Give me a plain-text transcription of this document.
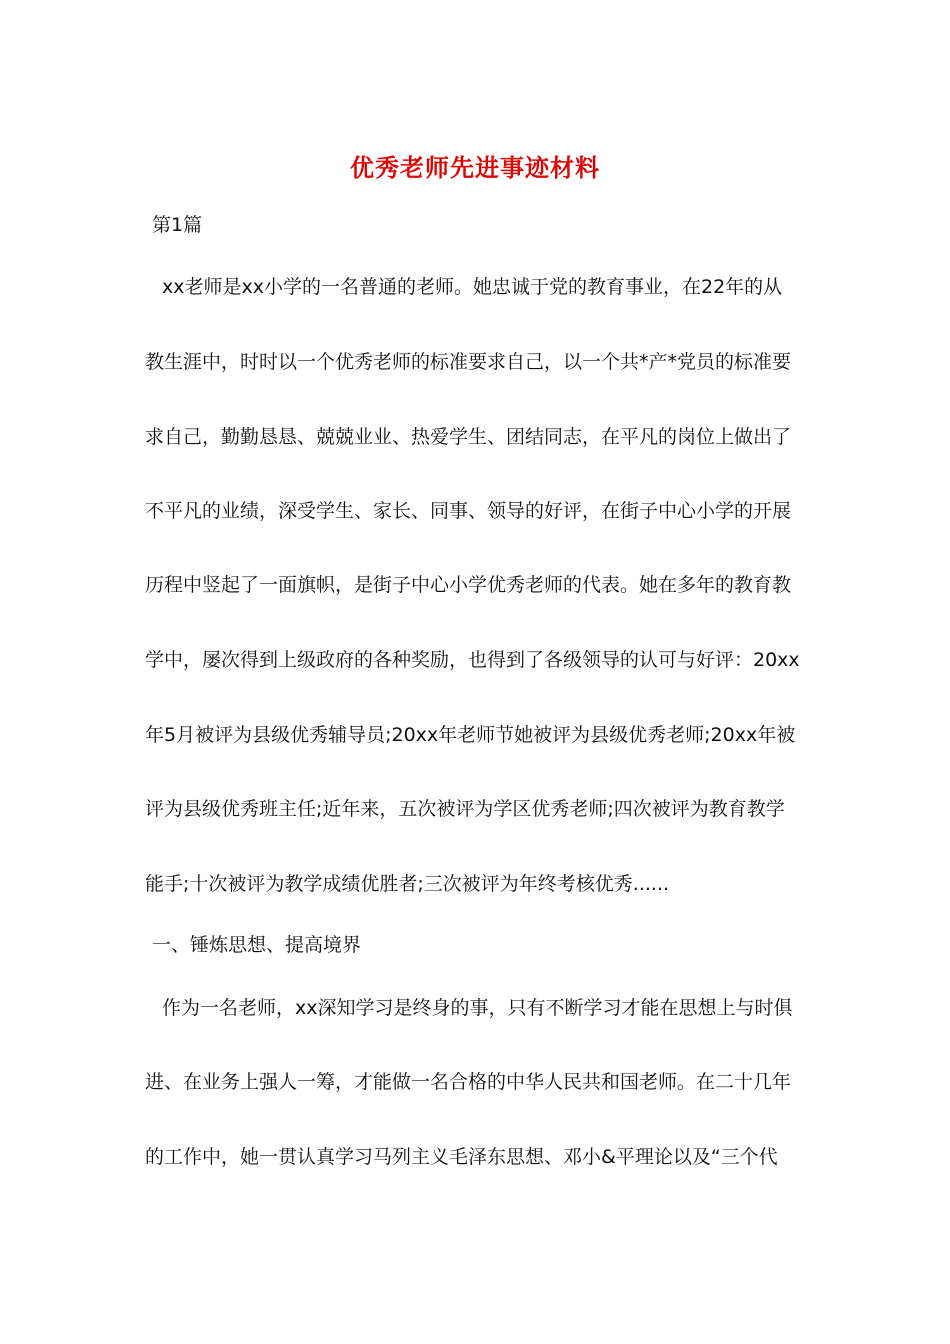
优秀老师先进事迹材料
第1篇
xx老师是xx小学的一名普通的老师。她忠诚于党的教育事业，在22年的从
教生涯中，时时以一个优秀老师的标准要求自己，以一个共*产*党员的标准要
求自己，勤勤恳恳、兢兢业业、热爱学生、团结同志，在平凡的岗位上做出了
不平凡的业绩，深受学生、家长、同事、领导的好评，在街子中心小学的开展
历程中竖起了一面旗帜，是街子中心小学优秀老师的代表。她在多年的教育教
学中，屡次得到上级政府的各种奖励，也得到了各级领导的认可与好评：20xx
年5月被评为县级优秀辅导员;20xx年老师节她被评为县级优秀老师;20xx年被
评为县级优秀班主任;近年来，五次被评为学区优秀老师;四次被评为教育教学
能手;十次被评为教学成绩优胜者;三次被评为年终考核优秀......
一、锤炼思想、提高境界
作为一名老师，xx深知学习是终身的事，只有不断学习才能在思想上与时俱
进、在业务上强人一筹，才能做一名合格的中华人民共和国老师。在二十几年
的工作中，她一贯认真学习马列主义毛泽东思想、邓小&平理论以及“三个代
